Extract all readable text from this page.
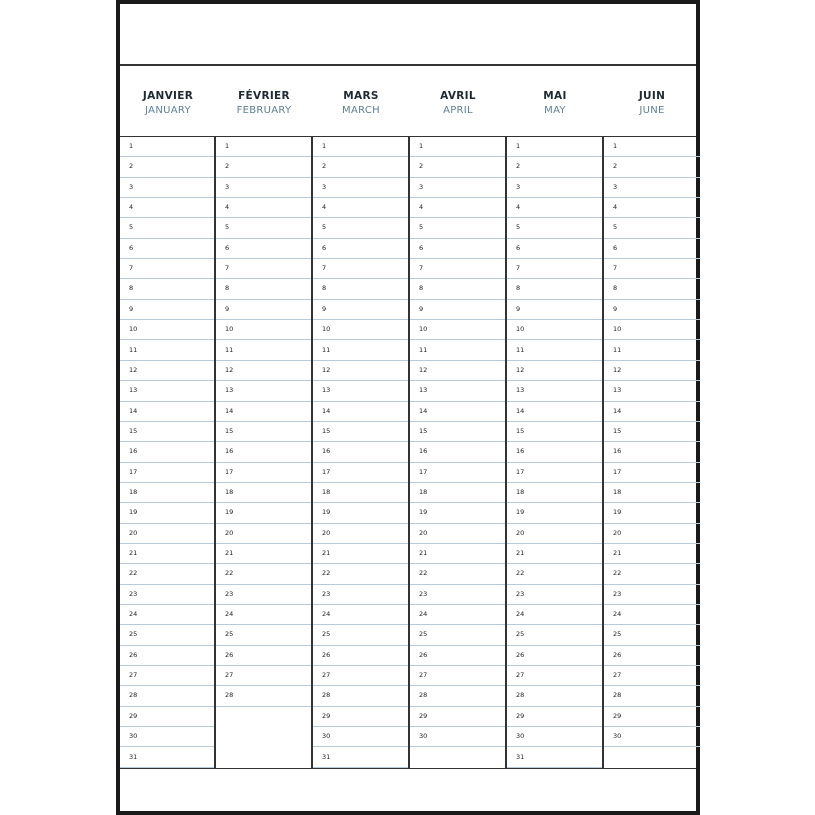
JANVIER
JANUARY
FÉVRIER
FEBRUARY
MARS
MARCH
AVRIL
APRIL
MAI
MAY
JUIN
JUNE
1
2
3
4
5
6
7
8
9
10
11
12
13
14
15
16
17
18
19
20
21
22
23
24
25
26
27
28
29
30
31
1
2
3
4
5
6
7
8
9
10
11
12
13
14
15
16
17
18
19
20
21
22
23
24
25
26
27
28
1
2
3
4
5
6
7
8
9
10
11
12
13
14
15
16
17
18
19
20
21
22
23
24
25
26
27
28
29
30
31
1
2
3
4
5
6
7
8
9
10
11
12
13
14
15
16
17
18
19
20
21
22
23
24
25
26
27
28
29
30
1
2
3
4
5
6
7
8
9
10
11
12
13
14
15
16
17
18
19
20
21
22
23
24
25
26
27
28
29
30
31
1
2
3
4
5
6
7
8
9
10
11
12
13
14
15
16
17
18
19
20
21
22
23
24
25
26
27
28
29
30
